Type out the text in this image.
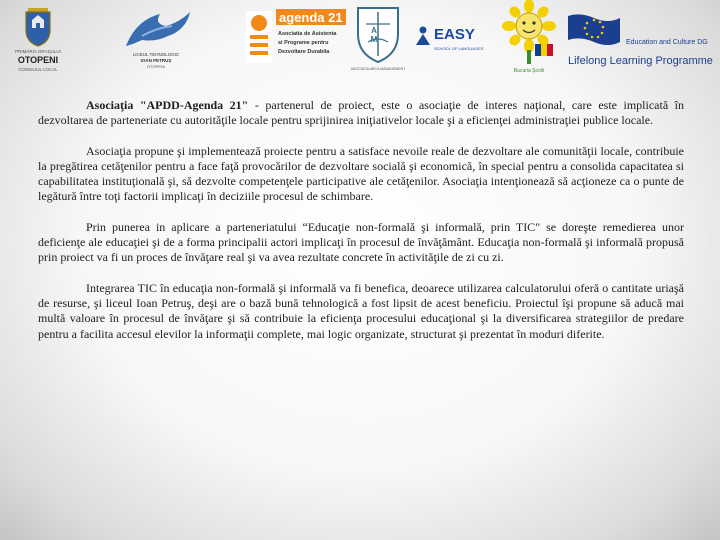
PRIMĂRIA ORAȘULUI
OTOPENI
CONSILIUL LOCAL
LICEUL TEHNOLOGIC
IOAN PETRUȘ
OTOPENI
agenda 21
Asociatia de Asistenta
si Programe pentru
Dezvoltare Durabila
A M
ASOCIATIA ARCA MANAGEMENT
EASY
SCHOOL OF LANGUAGES
Bucuria Școlii
Education and Culture DG
Lifelong Learning Programme

Asociaţia "APDD-Agenda 21" - partenerul de proiect, este o asociaţie de interes naţional, care este implicată în dezvoltarea de parteneriate cu autorităţile locale pentru sprijinirea iniţiativelor locale şi a eficienţei administraţiei publice locale.

Asociaţia propune şi implementează proiecte pentru a satisface nevoile reale de dezvoltare ale comunităţii locale, contribuie la pregătirea cetăţenilor pentru a face faţă provocărilor de dezvoltare socială şi economică, în special pentru a consolida capacitatea si capabilitatea instituţională şi, să dezvolte competenţele participative ale cetăţenilor. Asociaţia intenţionează să acţioneze ca o punte de legătură între toţi factorii implicaţi în deciziile procesul de schimbare.

Prin punerea in aplicare a parteneriatului “Educaţie non-formală şi informală, prin TIC" se doreşte remedierea unor deficienţe ale educaţiei şi de a forma principalii actori implicaţi în procesul de învăţământ. Educaţia non-formală şi informală propusă prin proiect va fi un proces de învăţare real şi va avea rezultate concrete în activităţile de zi cu zi.

Integrarea TIC în educaţia non-formală şi informală va fi benefica, deoarece utilizarea calculatorului oferă o cantitate uriaşă de resurse, şi liceul Ioan Petruş, deşi are o bază bună tehnologică a fost lipsit de acest beneficiu. Proiectul îşi propune să aducă mai multă valoare în procesul de învăţare şi să contribuie la eficienţa procesului educaţional şi la diversificarea strategiilor de predare pentru a facilita accesul elevilor la informaţii complete, mai logic organizate, structurat şi prezentat în moduri diferite.
